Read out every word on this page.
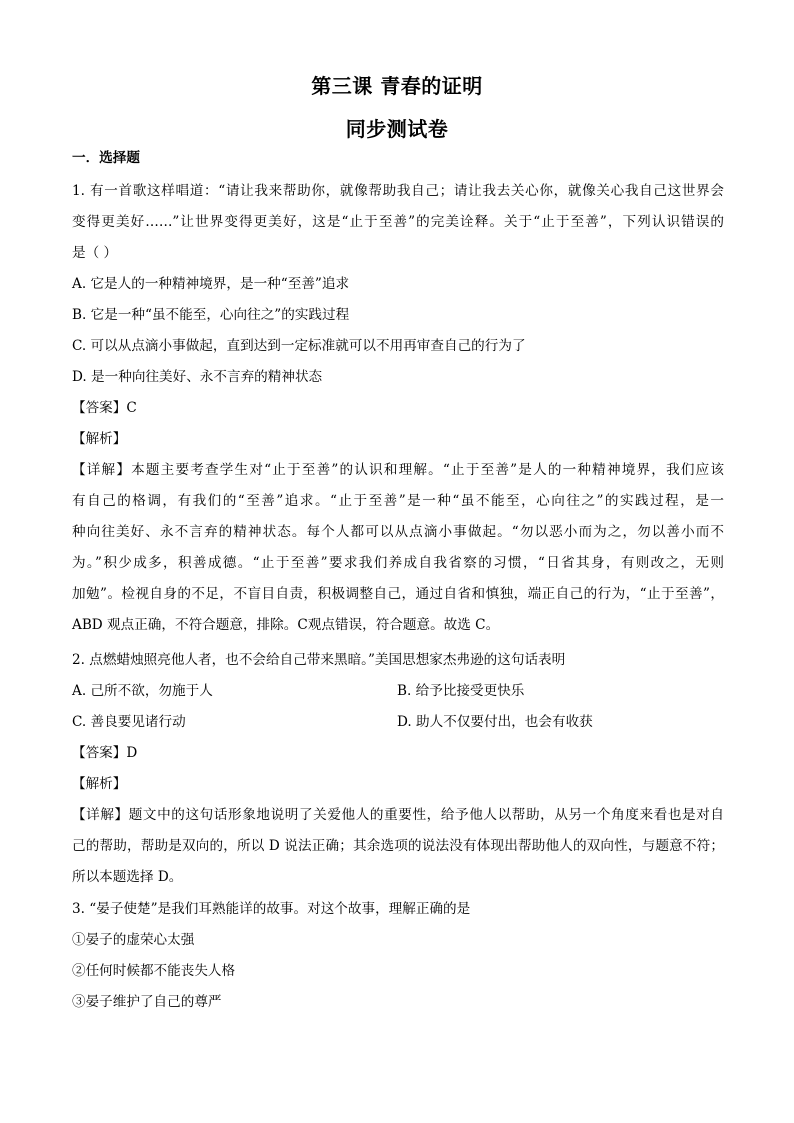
第三课 青春的证明
同步测试卷
一．选择题
1. 有一首歌这样唱道：“请让我来帮助你，就像帮助我自己；请让我去关心你，就像关心我自己这世界会
变得更美好……”让世界变得更美好，这是“止于至善”的完美诠释。关于“止于至善”，下列认识错误的
是（ ）
A. 它是人的一种精神境界，是一种“至善”追求
B. 它是一种“虽不能至，心向往之”的实践过程
C. 可以从点滴小事做起，直到达到一定标准就可以不用再审查自己的行为了
D. 是一种向往美好、永不言弃的精神状态
【答案】C
【解析】
【详解】本题主要考查学生对“止于至善”的认识和理解。“止于至善”是人的一种精神境界，我们应该
有自己的格调，有我们的“至善”追求。“止于至善”是一种“虽不能至，心向往之”的实践过程，是一
种向往美好、永不言弃的精神状态。每个人都可以从点滴小事做起。“勿以恶小而为之，勿以善小而不
为。”积少成多，积善成德。“止于至善”要求我们养成自我省察的习惯，“日省其身，有则改之，无则
加勉”。检视自身的不足，不盲目自责，积极调整自己，通过自省和慎独，端正自己的行为，“止于至善”，
ABD 观点正确，不符合题意，排除。C观点错误，符合题意。故选 C。
2. 点燃蜡烛照亮他人者，也不会给自己带来黑暗。”美国思想家杰弗逊的这句话表明
A. 己所不欲，勿施于人	B. 给予比接受更快乐
C. 善良要见诸行动	D. 助人不仅要付出，也会有收获
【答案】D
【解析】
【详解】题文中的这句话形象地说明了关爱他人的重要性，给予他人以帮助，从另一个角度来看也是对自
己的帮助，帮助是双向的，所以 D 说法正确；其余选项的说法没有体现出帮助他人的双向性，与题意不符；
所以本题选择 D。
3. “晏子使楚”是我们耳熟能详的故事。对这个故事，理解正确的是
①晏子的虚荣心太强
②任何时候都不能丧失人格
③晏子维护了自己的尊严
